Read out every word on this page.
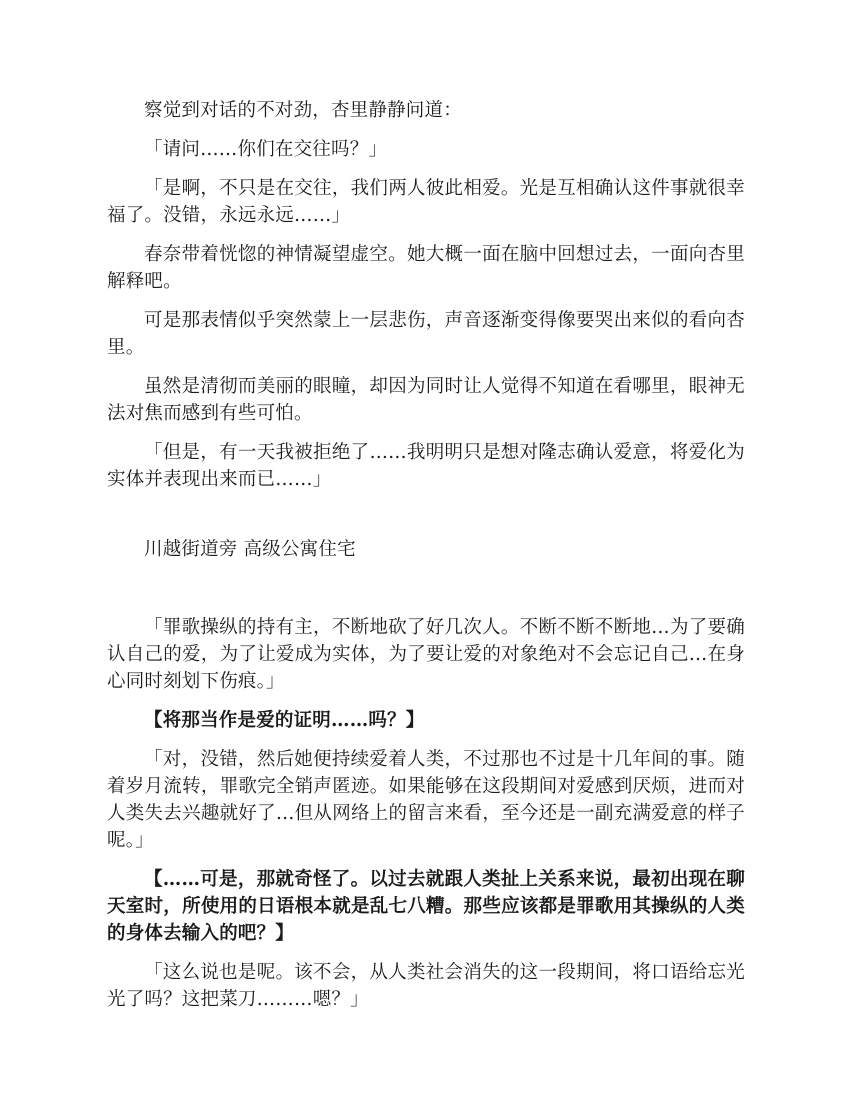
察觉到对话的不对劲，杏里静静问道：

「请问……你们在交往吗？」

「是啊，不只是在交往，我们两人彼此相爱。光是互相确认这件事就很幸福了。没错，永远永远……」

春奈带着恍惚的神情凝望虚空。她大概一面在脑中回想过去，一面向杏里解释吧。

可是那表情似乎突然蒙上一层悲伤，声音逐渐变得像要哭出来似的看向杏里。

虽然是清彻而美丽的眼瞳，却因为同时让人觉得不知道在看哪里，眼神无法对焦而感到有些可怕。

「但是，有一天我被拒绝了……我明明只是想对隆志确认爱意，将爱化为实体并表现出来而已……」

川越街道旁 高级公寓住宅

「罪歌操纵的持有主，不断地砍了好几次人。不断不断不断地…为了要确认自己的爱，为了让爱成为实体，为了要让爱的对象绝对不会忘记自己…在身心同时刻划下伤痕。」

【将那当作是爱的证明……吗？】

「对，没错，然后她便持续爱着人类，不过那也不过是十几年间的事。随着岁月流转，罪歌完全销声匿迹。如果能够在这段期间对爱感到厌烦，进而对人类失去兴趣就好了…但从网络上的留言来看，至今还是一副充满爱意的样子呢。」

【……可是，那就奇怪了。以过去就跟人类扯上关系来说，最初出现在聊天室时，所使用的日语根本就是乱七八糟。那些应该都是罪歌用其操纵的人类的身体去输入的吧？】

「这么说也是呢。该不会，从人类社会消失的这一段期间，将口语给忘光光了吗？这把菜刀………嗯？」
